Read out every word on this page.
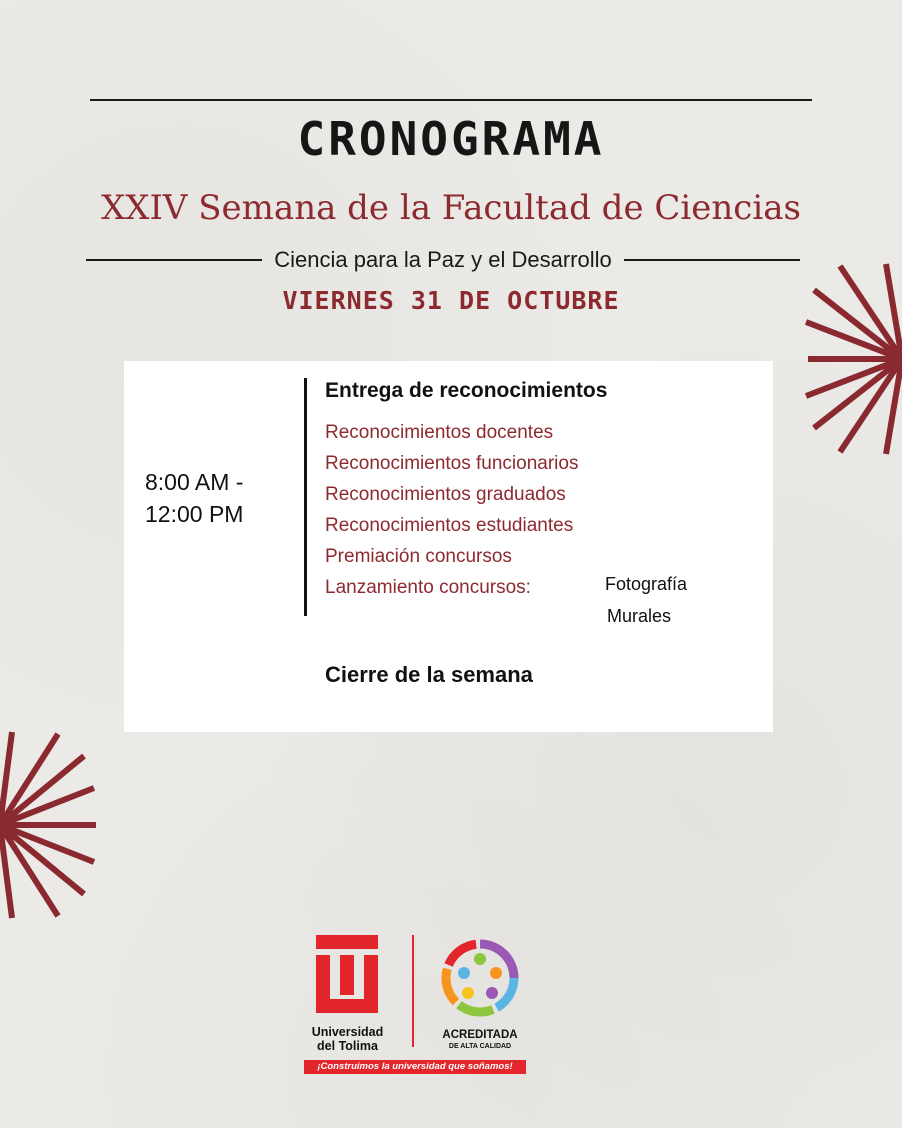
CRONOGRAMA
XXIV Semana de la Facultad de Ciencias
Ciencia para la Paz y el Desarrollo
VIERNES 31 DE OCTUBRE
8:00 AM -
12:00 PM
Entrega de reconocimientos
Reconocimientos docentes
Reconocimientos funcionarios
Reconocimientos graduados
Reconocimientos estudiantes
Premiación concursos
Lanzamiento concursos:	Fotografía
Murales
Cierre de la semana
Universidad
del Tolima
ACREDITADA
DE ALTA CALIDAD
¡Construimos la universidad que soñamos!
